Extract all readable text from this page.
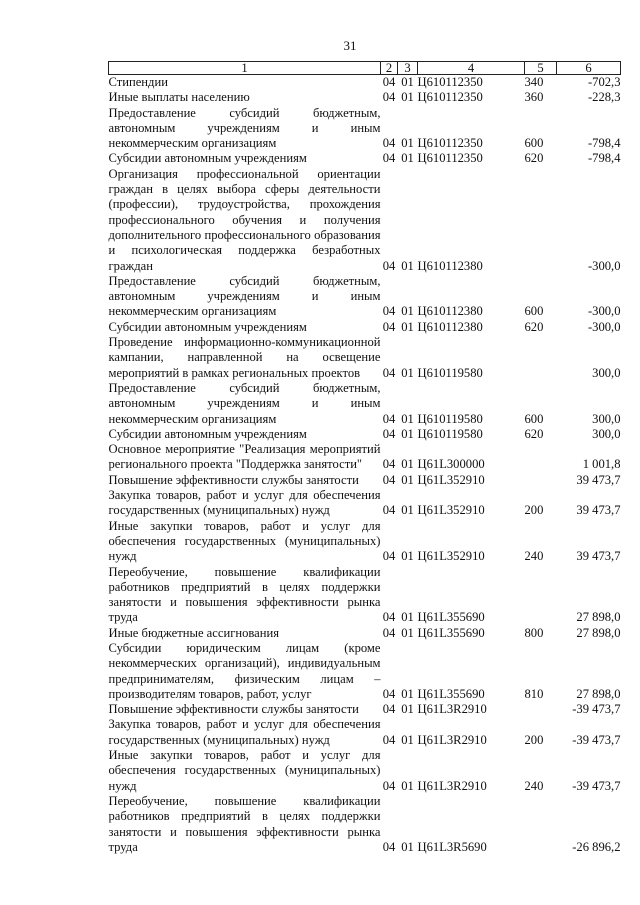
31
1	2	3	4	5	6
Стипендии	04	01	Ц610112350	340	-702,3
Иные выплаты населению	04	01	Ц610112350	360	-228,3
Предоставление субсидий бюджетным, автономным учреждениям и иным некоммерческим организациям	04	01	Ц610112350	600	-798,4
Субсидии автономным учреждениям	04	01	Ц610112350	620	-798,4
Организация профессиональной ориентации граждан в целях выбора сферы деятельности (профессии), трудоустройства, прохождения профессионального обучения и получения дополнительного профессионального образования и психологическая поддержка безработных граждан	04	01	Ц610112380		-300,0
Предоставление субсидий бюджетным, автономным учреждениям и иным некоммерческим организациям	04	01	Ц610112380	600	-300,0
Субсидии автономным учреждениям	04	01	Ц610112380	620	-300,0
Проведение информационно-коммуникационной кампании, направленной на освещение мероприятий в рамках региональных проектов	04	01	Ц610119580		300,0
Предоставление субсидий бюджетным, автономным учреждениям и иным некоммерческим организациям	04	01	Ц610119580	600	300,0
Субсидии автономным учреждениям	04	01	Ц610119580	620	300,0
Основное мероприятие "Реализация мероприятий регионального проекта "Поддержка занятости"	04	01	Ц61L300000		1 001,8
Повышение эффективности службы занятости	04	01	Ц61L352910		39 473,7
Закупка товаров, работ и услуг для обеспечения государственных (муниципальных) нужд	04	01	Ц61L352910	200	39 473,7
Иные закупки товаров, работ и услуг для обеспечения государственных (муниципальных) нужд	04	01	Ц61L352910	240	39 473,7
Переобучение, повышение квалификации работников предприятий в целях поддержки занятости и повышения эффективности рынка труда	04	01	Ц61L355690		27 898,0
Иные бюджетные ассигнования	04	01	Ц61L355690	800	27 898,0
Субсидии юридическим лицам (кроме некоммерческих организаций), индивидуальным предпринимателям, физическим лицам – производителям товаров, работ, услуг	04	01	Ц61L355690	810	27 898,0
Повышение эффективности службы занятости	04	01	Ц61L3R2910		-39 473,7
Закупка товаров, работ и услуг для обеспечения государственных (муниципальных) нужд	04	01	Ц61L3R2910	200	-39 473,7
Иные закупки товаров, работ и услуг для обеспечения государственных (муниципальных) нужд	04	01	Ц61L3R2910	240	-39 473,7
Переобучение, повышение квалификации работников предприятий в целях поддержки занятости и повышения эффективности рынка труда	04	01	Ц61L3R5690		-26 896,2
